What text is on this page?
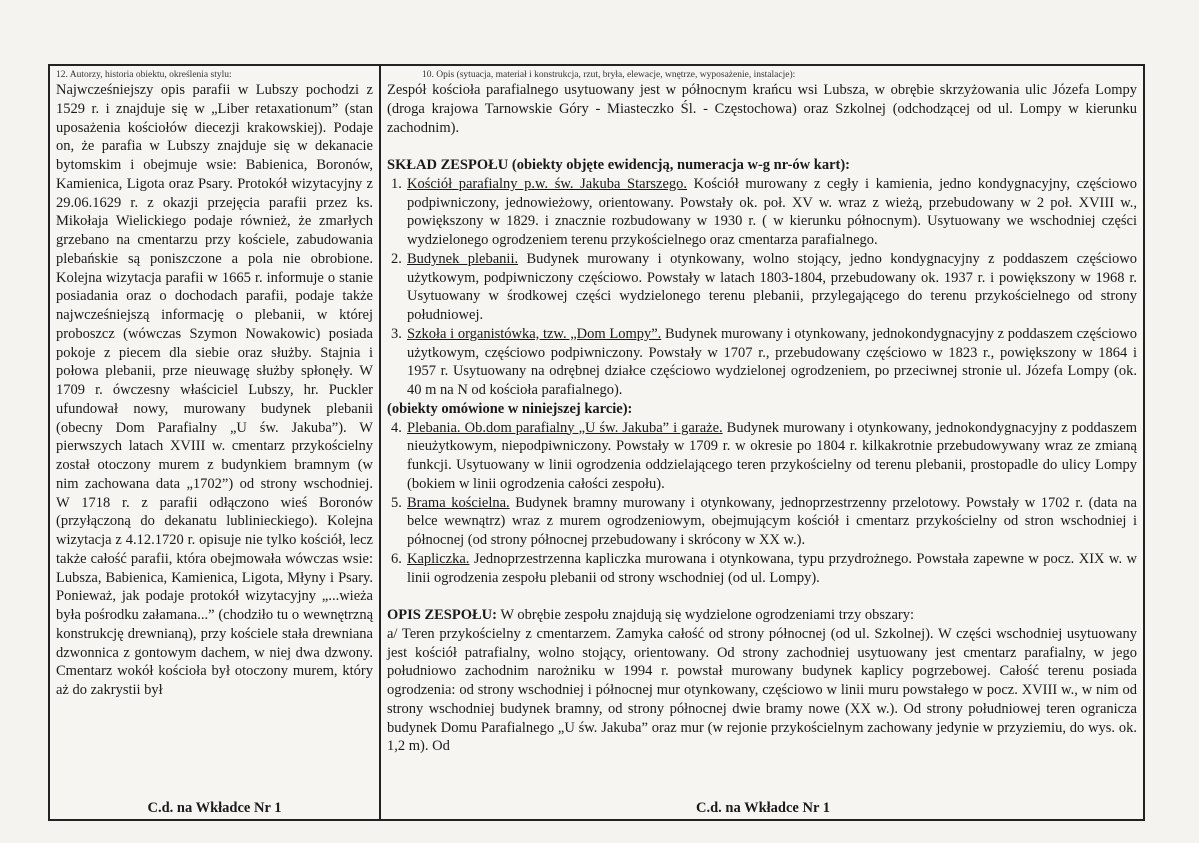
12. Autorzy, historia obiektu, określenia stylu:

Najwcześniejszy opis parafii w Lubszy pochodzi z 1529 r. i znajduje się w „Liber retaxationum” (stan uposażenia kościołów diecezji krakowskiej). Podaje on, że parafia w Lubszy znajduje się w dekanacie bytomskim i obejmuje wsie: Babienica, Boronów, Kamienica, Ligota oraz Psary. Protokół wizytacyjny z 29.06.1629 r. z okazji przejęcia parafii przez ks. Mikołaja Wielickiego podaje również, że zmarłych grzebano na cmentarzu przy kościele, zabudowania plebańskie są poniszczone a pola nie obrobione. Kolejna wizytacja parafii w 1665 r. informuje o stanie posiadania oraz o dochodach parafii, podaje także najwcześniejszą informację o plebanii, w której proboszcz (wówczas Szymon Nowakowic) posiada pokoje z piecem dla siebie oraz służby. Stajnia i połowa plebanii, prze nieuwagę służby spłonęły. W 1709 r. ówczesny właściciel Lubszy, hr. Puckler ufundował nowy, murowany budynek plebanii (obecny Dom Parafialny „U św. Jakuba”). W pierwszych latach XVIII w. cmentarz przykościelny został otoczony murem z budynkiem bramnym (w nim zachowana data „1702”) od strony wschodniej. W 1718 r. z parafii odłączono wieś Boronów (przyłączoną do dekanatu lublinieckiego). Kolejna wizytacja z 4.12.1720 r. opisuje nie tylko kościół, lecz także całość parafii, która obejmowała wówczas wsie: Lubsza, Babienica, Kamienica, Ligota, Młyny i Psary. Ponieważ, jak podaje protokół wizytacyjny „...wieża była pośrodku załamana...” (chodziło tu o wewnętrzną konstrukcję drewnianą), przy kościele stała drewniana dzwonnica z gontowym dachem, w niej dwa dzwony. Cmentarz wokół kościoła był otoczony murem, który aż do zakrystii był

C.d. na Wkładce Nr 1
10. Opis (sytuacja, materiał i konstrukcja, rzut, bryła, elewacje, wnętrze, wyposażenie, instalacje):

Zespół kościoła parafialnego usytuowany jest w północnym krańcu wsi Lubsza, w obrębie skrzyżowania ulic Józefa Lompy (droga krajowa Tarnowskie Góry - Miasteczko Śl. - Częstochowa) oraz Szkolnej (odchodzącej od ul. Lompy w kierunku zachodnim).

SKŁAD ZESPOŁU (obiekty objęte ewidencją, numeracja w-g nr-ów kart):

1. Kościół parafialny p.w. św. Jakuba Starszego. Kościół murowany z cegły i kamienia, jedno kondygnacyjny, częściowo podpiwniczony, jednowieżowy, orientowany. Powstały ok. poł. XV w. wraz z wieżą, przebudowany w 2 poł. XVIII w., powiększony w 1829. i znacznie rozbudowany w 1930 r. ( w kierunku północnym). Usytuowany we wschodniej części wydzielonego ogrodzeniem terenu przykościelnego oraz cmentarza parafialnego.
2. Budynek plebanii. Budynek murowany i otynkowany, wolno stojący, jedno kondygnacyjny z poddaszem częściowo użytkowym, podpiwniczony częściowo. Powstały w latach 1803-1804, przebudowany ok. 1937 r. i powiększony w 1968 r. Usytuowany w środkowej części wydzielonego terenu plebanii, przylegającego do terenu przykościelnego od strony południowej.
3. Szkoła i organistówka, tzw. „Dom Lompy”. Budynek murowany i otynkowany, jednokondygnacyjny z poddaszem częściowo użytkowym, częściowo podpiwniczony. Powstały w 1707 r., przebudowany częściowo w 1823 r., powiększony w 1864 i 1957 r. Usytuowany na odrębnej działce częściowo wydzielonej ogrodzeniem, po przeciwnej stronie ul. Józefa Lompy (ok. 40 m na N od kościoła parafialnego).

(obiekty omówione w niniejszej karcie):

4. Plebania. Ob.dom parafialny „U św. Jakuba” i garaże. Budynek murowany i otynkowany, jednokondygnacyjny z poddaszem nieużytkowym, niepodpiwniczony. Powstały w 1709 r. w okresie po 1804 r. kilkakrotnie przebudowywany wraz ze zmianą funkcji. Usytuowany w linii ogrodzenia oddzielającego teren przykościelny od terenu plebanii, prostopadle do ulicy Lompy (bokiem w linii ogrodzenia całości zespołu).
5. Brama kościelna. Budynek bramny murowany i otynkowany, jednoprzestrzenny przelotowy. Powstały w 1702 r. (data na belce wewnątrz) wraz z murem ogrodzeniowym, obejmującym kościół i cmentarz przykościelny od stron wschodniej i północnej (od strony północnej przebudowany i skrócony w XX w.).
6. Kapliczka. Jednoprzestrzenna kapliczka murowana i otynkowana, typu przydrożnego. Powstała zapewne w pocz. XIX w. w linii ogrodzenia zespołu plebanii od strony wschodniej (od ul. Lompy).

OPIS ZESPOŁU: W obrębie zespołu znajdują się wydzielone ogrodzeniami trzy obszary:

a/ Teren przykościelny z cmentarzem. Zamyka całość od strony północnej (od ul. Szkolnej). W części wschodniej usytuowany jest kościół patrafialny, wolno stojący, orientowany. Od strony zachodniej usytuowany jest cmentarz parafialny, w jego południowo zachodnim narożniku w 1994 r. powstał murowany budynek kaplicy pogrzebowej. Całość terenu posiada ogrodzenia: od strony wschodniej i północnej mur otynkowany, częściowo w linii muru powstałego w pocz. XVIII w., w nim od strony wschodniej budynek bramny, od strony północnej dwie bramy nowe (XX w.). Od strony południowej teren ogranicza budynek Domu Parafialnego „U św. Jakuba” oraz mur (w rejonie przykościelnym zachowany jedynie w przyziemiu, do wys. ok. 1,2 m). Od

C.d. na Wkładce Nr 1
